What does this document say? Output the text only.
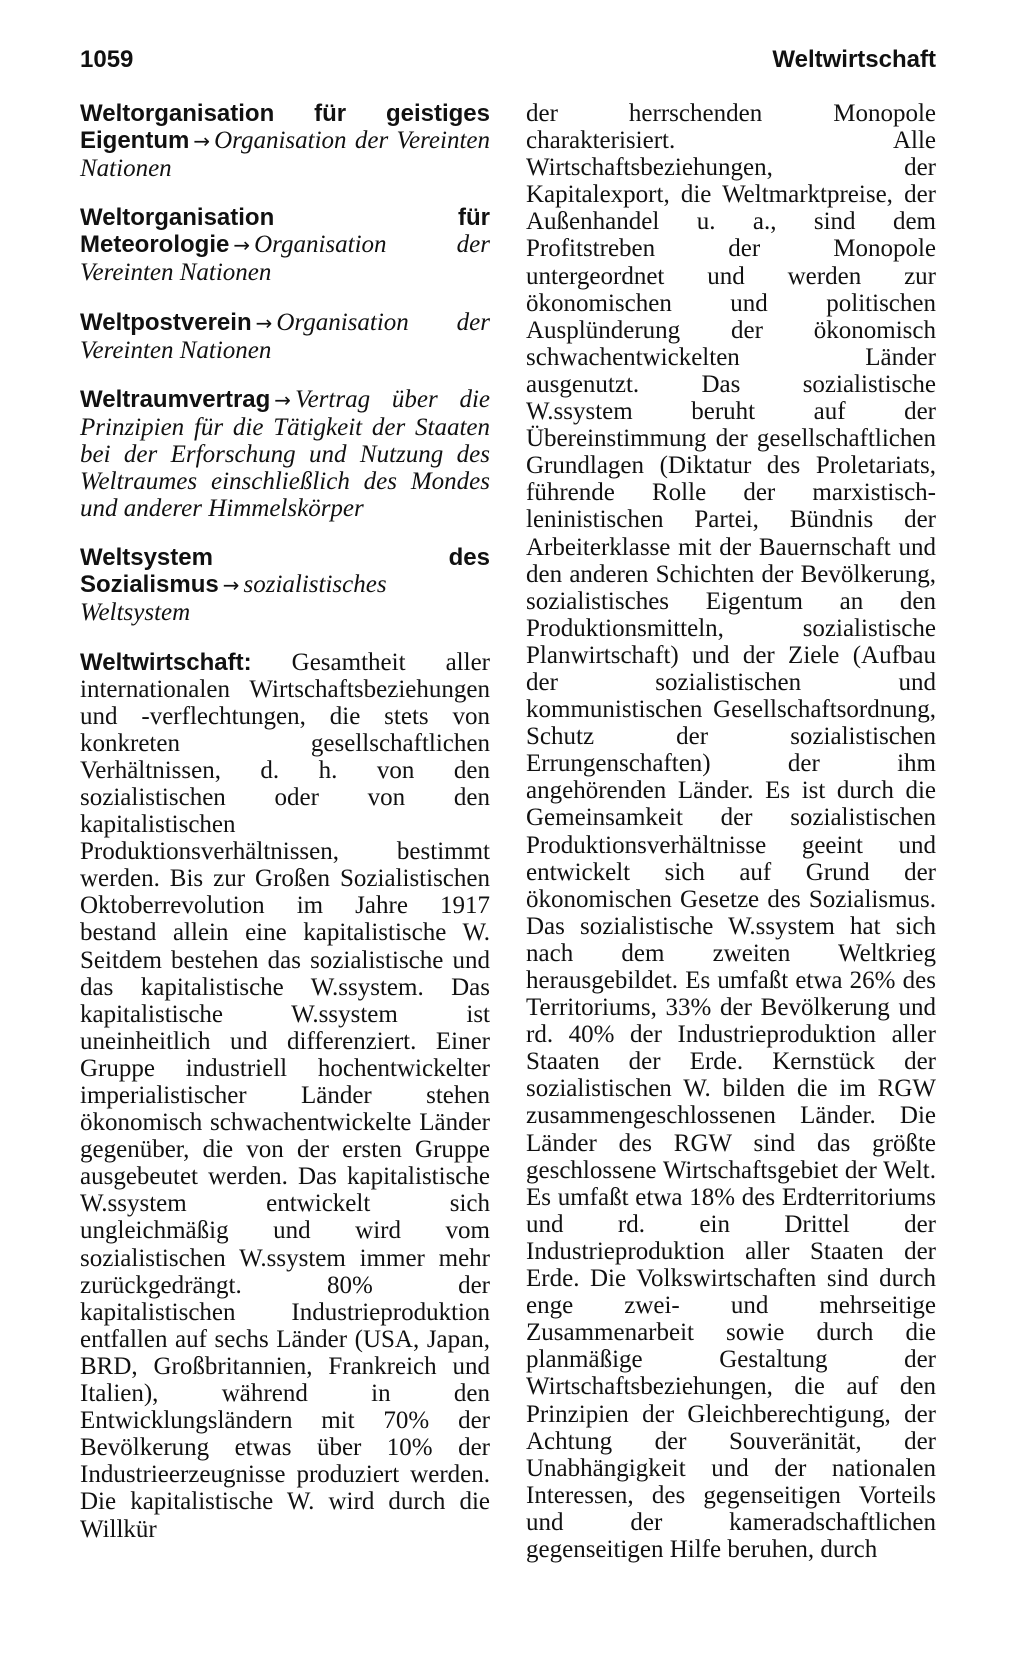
1059	Weltwirtschaft

Weltorganisation für geistiges Eigentum → Organisation der Vereinten Nationen

Weltorganisation für Meteorologie → Organisation der Vereinten Nationen

Weltpostverein → Organisation der Vereinten Nationen

Weltraumvertrag → Vertrag über die Prinzipien für die Tätigkeit der Staaten bei der Erforschung und Nutzung des Weltraumes einschließlich des Mondes und anderer Himmelskörper

Weltsystem des Sozialismus → sozialistisches Weltsystem

Weltwirtschaft: Gesamtheit aller internationalen Wirtschaftsbeziehungen und -verflechtungen, die stets von konkreten gesellschaftlichen Verhältnissen, d. h. von den sozialistischen oder von den kapitalistischen Produktionsverhältnissen, bestimmt werden. Bis zur Großen Sozialistischen Oktoberrevolution im Jahre 1917 bestand allein eine kapitalistische W. Seitdem bestehen das sozialistische und das kapitalistische W.ssystem. Das kapitalistische W.ssystem ist uneinheitlich und differenziert. Einer Gruppe industriell hochentwickelter imperialistischer Länder stehen ökonomisch schwachentwickelte Länder gegenüber, die von der ersten Gruppe ausgebeutet werden. Das kapitalistische W.ssystem entwickelt sich ungleichmäßig und wird vom sozialistischen W.ssystem immer mehr zurückgedrängt. 80% der kapitalistischen Industrieproduktion entfallen auf sechs Länder (USA, Japan, BRD, Großbritannien, Frankreich und Italien), während in den Entwicklungsländern mit 70% der Bevölkerung etwas über 10% der Industrieerzeugnisse produziert werden. Die kapitalistische W. wird durch die Willkür

der herrschenden Monopole charakterisiert. Alle Wirtschaftsbeziehungen, der Kapitalexport, die Weltmarktpreise, der Außenhandel u. a., sind dem Profitstreben der Monopole untergeordnet und werden zur ökonomischen und politischen Ausplünderung der ökonomisch schwachentwickelten Länder ausgenutzt. Das sozialistische W.ssystem beruht auf der Übereinstimmung der gesellschaftlichen Grundlagen (Diktatur des Proletariats, führende Rolle der marxistisch-leninistischen Partei, Bündnis der Arbeiterklasse mit der Bauernschaft und den anderen Schichten der Bevölkerung, sozialistisches Eigentum an den Produktionsmitteln, sozialistische Planwirtschaft) und der Ziele (Aufbau der sozialistischen und kommunistischen Gesellschaftsordnung, Schutz der sozialistischen Errungenschaften) der ihm angehörenden Länder. Es ist durch die Gemeinsamkeit der sozialistischen Produktionsverhältnisse geeint und entwickelt sich auf Grund der ökonomischen Gesetze des Sozialismus. Das sozialistische W.ssystem hat sich nach dem zweiten Weltkrieg herausgebildet. Es umfaßt etwa 26% des Territoriums, 33% der Bevölkerung und rd. 40% der Industrieproduktion aller Staaten der Erde. Kernstück der sozialistischen W. bilden die im RGW zusammengeschlossenen Länder. Die Länder des RGW sind das größte geschlossene Wirtschaftsgebiet der Welt. Es umfaßt etwa 18% des Erdterritoriums und rd. ein Drittel der Industrieproduktion aller Staaten der Erde. Die Volkswirtschaften sind durch enge zwei- und mehrseitige Zusammenarbeit sowie durch die planmäßige Gestaltung der Wirtschaftsbeziehungen, die auf den Prinzipien der Gleichberechtigung, der Achtung der Souveränität, der Unabhängigkeit und der nationalen Interessen, des gegenseitigen Vorteils und der kameradschaftlichen gegenseitigen Hilfe beruhen, durch
